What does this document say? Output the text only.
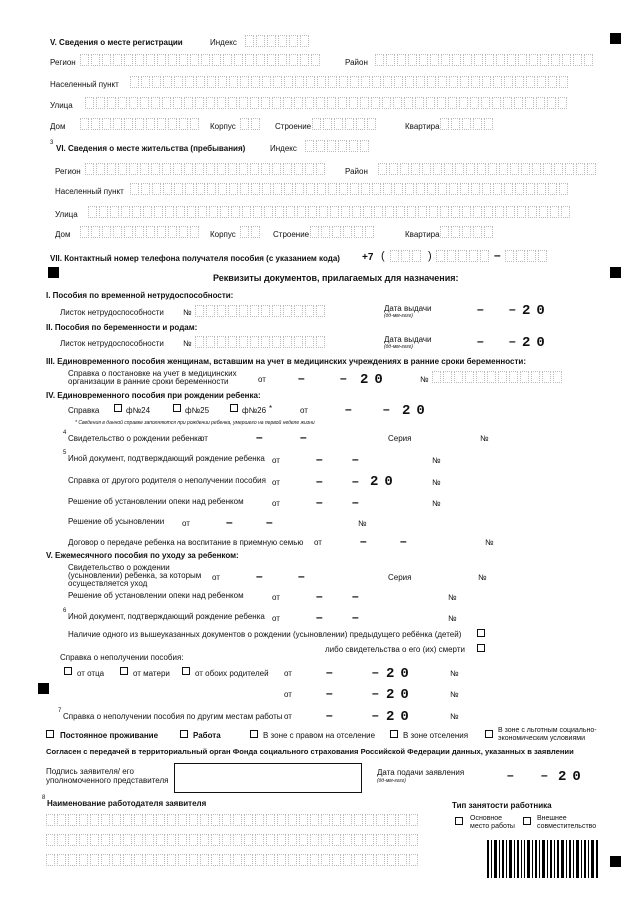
V. Сведения о месте регистрации	Индекс
Регион	Район
Населенный пункт
Улица
Дом	Корпус	Строение	Квартира
3
VI. Сведения о месте жительства (пребывания)	Индекс
Регион	Район
Населенный пункт
Улица
Дом	Корпус	Строение	Квартира
VII. Контактный номер телефона получателя пособия (с указанием кода) +7 (	)	–
Реквизиты документов, прилагаемых для назначения:
I. Пособия по временной нетрудоспособности:
Листок нетрудоспособности №	Дата выдачи
(дд-мм-гггг)	– – 20
II. Пособия по беременности и родам:
Листок нетрудоспособности №	Дата выдачи
(дд-мм-гггг)	– – 20
III. Единовременного пособия женщинам, вставшим на учет в медицинских учреждениях в ранние сроки беременности:
Справка о постановке на учет в медицинских
организации в ранние сроки беременности	от	–	– 20	№
IV. Единовременного пособия при рождении ребенка:
Справка	ф№24	ф№25	ф№26 *	от	–	– 20
* Сведения в данной справке заполняются при рождении ребенка, умершего на первой неделе жизни
4
Свидетельство о рождении ребенка
от	–	–	Серия	№
5
Иной документ, подтверждающий рождение ребенка от	– –	№
Справка от другого родителя о неполучении пособия от	– – 20	№
Решение об установлении опеки над ребенком	от	– –	№
Решение об усыновлении от	–	–	№
Договор о передаче ребенка на воспитание в приемную семью от	–	–	№
V. Ежемесячного пособия по уходу за ребенком:
Свидетельство о рождении
(усыновлении) ребенка, за которым
осуществляется уход
от	–	–	Серия	№
Решение об установлении опеки над ребенком	от	– –	№
6
Иной документ, подтверждающий рождение ребенка от	– –	№
Наличие одного из вышеуказанных документов о рождении (усыновлении) предыдущего ребёнка (детей)
либо свидетельства о его (их) смерти
Справка о неполучении пособия:
от отца	от матери	от обоих родителей от	–	– 20	№
от	–	– 20	№
7
Справка о неполучении пособия по другим местам работы от	–	– 20	№
Постоянное проживание	Работа	В зоне с правом на отселение	В зоне отселения
В зоне с льготным социально-экономическим условиями
Согласен с передачей в территориальный орган Фонда социального страхования Российской Федерации данных, указанных в заявлении
Подпись заявителя/ его
уполномоченного представителя
Дата подачи заявления
(дд-мм-гггг)	– – 20
8
Наименование работодателя заявителя	Тип занятости работника
Основное
место работы
Внешнее
совместительство
